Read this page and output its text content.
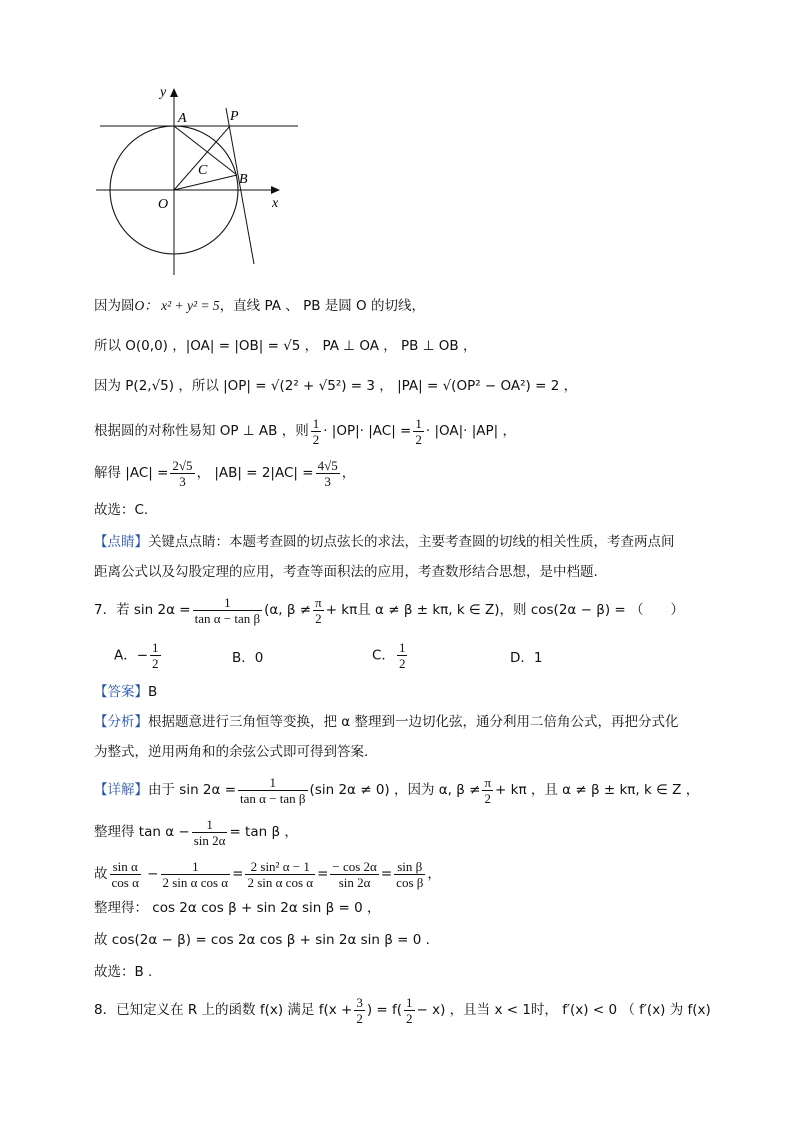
y
x
A	P
C
B
O
因为圆O： x² + y² = 5，直线 PA 、 PB 是圆 O 的切线，
所以 O(0,0) ，|OA| = |OB| = √5 ， PA ⊥ OA ， PB ⊥ OB ，
因为 P(2,√5) ，所以 |OP| = √(2² + √5²) = 3 ， |PA| = √(OP² − OA²) = 2 ，
根据圆的对称性易知 OP ⊥ AB ，则 $\frac{1}{2} \cdot |OP|\cdot |AC| = \frac{1}{2} \cdot |OA|\cdot |AP|$ ，
解得 $|AC| = \frac{2√5}{3}$ ， $|AB| = 2|AC| = \frac{4√5}{3}$ ，
故选：C.
【点睛】关键点点睛：本题考查圆的切点弦长的求法，主要考查圆的切线的相关性质，考查两点间
距离公式以及勾股定理的应用，考查等面积法的应用，考查数形结合思想，是中档题.
7．若 $\sin 2\alpha = \frac{1}{\text{tan α − tan β}} (\alpha$, $\beta \ne \frac{\pi}{2} + k\pi$且 α ≠ β ± kπ, k ∈ Z)，则 cos(2α − β) = （　　）
A．− $\frac{1}{2}$	B．0	C． $\frac{1}{2}$	D．1
【答案】B
【分析】根据题意进行三角恒等变换，把 α 整理到一边切化弦，通分利用二倍角公式，再把分式化
为整式，逆用两角和的余弦公式即可得到答案.
【详解】由于 $\sin 2\alpha = \frac{1}{\text{tan α − tan β}} (\sin$ 2α ≠ 0) ，因为 α, $\beta \ne \frac{\pi}{2} + k\pi$ ，且 α ≠ β ± kπ, k ∈ Z ，
整理得 $\tan \alpha - \frac{1}{\sin 2\alpha} = \tan \beta$ ，
故 $\frac{\text{sin α}}{\text{cos α}} - \frac{1}{\text{2 sin α cos α}} = \frac{\text{2 sin² α − 1}}{\text{2 sin α cos α}} = \frac{- \cos 2\alpha}{\sin 2\alpha} = \frac{\text{sin β}}{\text{cos β}}$ ，
整理得： cos 2α cos β + sin 2α sin β = 0 ，
故 cos(2α − β) = cos 2α cos β + sin 2α sin β = 0 .
故选：B .
8．已知定义在 R 上的函数 f(x) 满足 $f(x + \frac{3}{2}$ ) = $f( \frac{1}{2} - x)$ ，且当 x < 1时， f′(x) < 0 （ f′(x) 为 f(x)
